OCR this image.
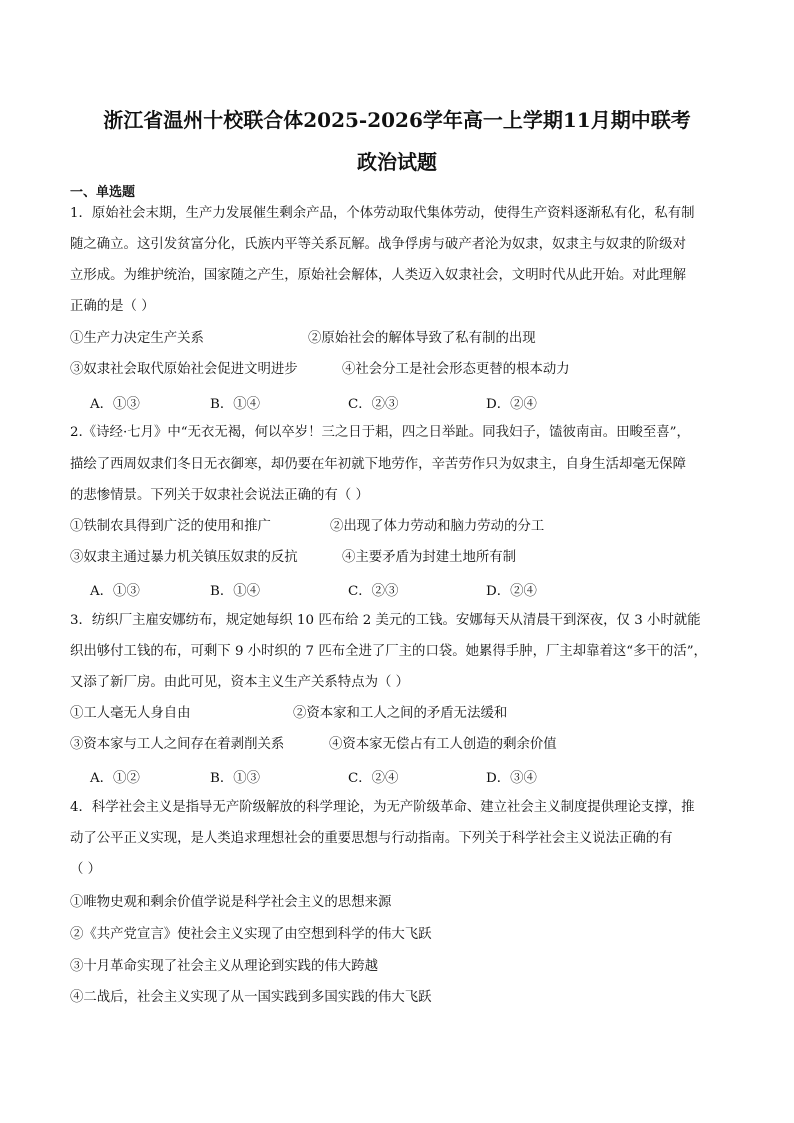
浙江省温州十校联合体2025-2026学年高一上学期11月期中联考
政治试题
一、单选题
1．原始社会末期，生产力发展催生剩余产品，个体劳动取代集体劳动，使得生产资料逐渐私有化，私有制
随之确立。这引发贫富分化，氏族内平等关系瓦解。战争俘虏与破产者沦为奴隶，奴隶主与奴隶的阶级对
立形成。为维护统治，国家随之产生，原始社会解体，人类迈入奴隶社会，文明时代从此开始。对此理解
正确的是（ ）
①生产力决定生产关系	②原始社会的解体导致了私有制的出现
③奴隶社会取代原始社会促进文明进步	④社会分工是社会形态更替的根本动力
A．①③	B．①④	C．②③	D．②④
2.《诗经·七月》中“无衣无褐，何以卒岁！三之日于耜，四之日举趾。同我妇子，馌彼南亩。田畯至喜”，
描绘了西周奴隶们冬日无衣御寒，却仍要在年初就下地劳作，辛苦劳作只为奴隶主，自身生活却毫无保障
的悲惨情景。下列关于奴隶社会说法正确的有（ ）
①铁制农具得到广泛的使用和推广	②出现了体力劳动和脑力劳动的分工
③奴隶主通过暴力机关镇压奴隶的反抗	④主要矛盾为封建土地所有制
A．①③	B．①④	C．②③	D．②④
3．纺织厂主雇安娜纺布，规定她每织 10 匹布给 2 美元的工钱。安娜每天从清晨干到深夜，仅 3 小时就能
织出够付工钱的布，可剩下 9 小时织的 7 匹布全进了厂主的口袋。她累得手肿，厂主却靠着这“多干的活”，
又添了新厂房。由此可见，资本主义生产关系特点为（ ）
①工人毫无人身自由	②资本家和工人之间的矛盾无法缓和
③资本家与工人之间存在着剥削关系	④资本家无偿占有工人创造的剩余价值
A．①②	B．①③	C．②④	D．③④
4．科学社会主义是指导无产阶级解放的科学理论，为无产阶级革命、建立社会主义制度提供理论支撑，推
动了公平正义实现，是人类追求理想社会的重要思想与行动指南。下列关于科学社会主义说法正确的有
（ ）
①唯物史观和剩余价值学说是科学社会主义的思想来源
②《共产党宣言》使社会主义实现了由空想到科学的伟大飞跃
③十月革命实现了社会主义从理论到实践的伟大跨越
④二战后，社会主义实现了从一国实践到多国实践的伟大飞跃
